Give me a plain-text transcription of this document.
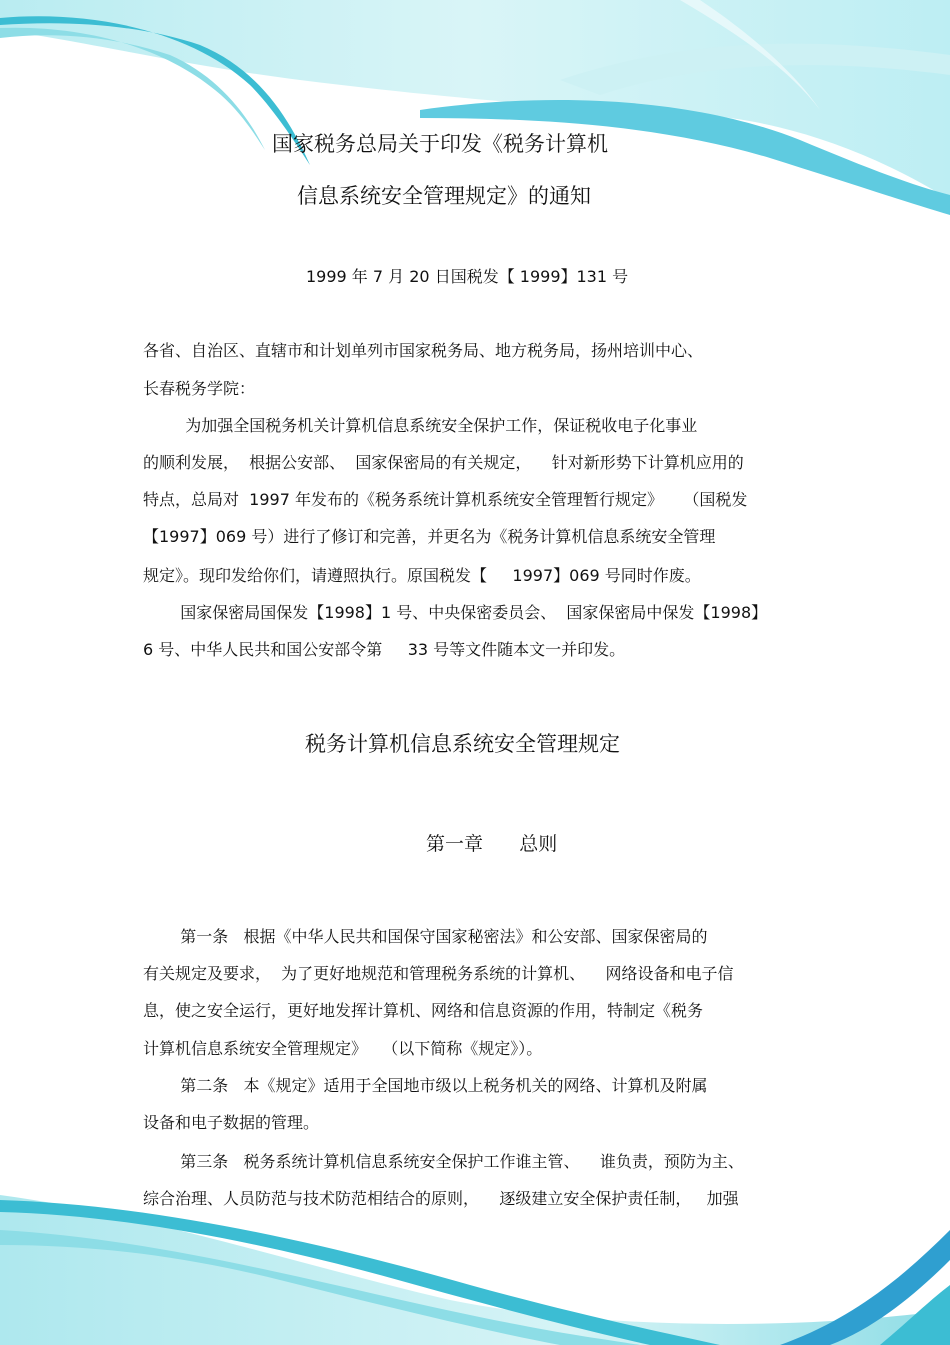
国家税务总局关于印发《税务计算机
信息系统安全管理规定》的通知
1999 年 7 月 20 日国税发【 1999】131 号
各省、自治区、直辖市和计划单列市国家税务局、地方税务局，扬州培训中心、
长春税务学院：
为加强全国税务机关计算机信息系统安全保护工作，保证税收电子化事业
的顺利发展，  根据公安部、  国家保密局的有关规定，    针对新形势下计算机应用的
特点，总局对  1997 年发布的《税务系统计算机系统安全管理暂行规定》    （国税发
【1997】069 号）进行了修订和完善，并更名为《税务计算机信息系统安全管理
规定》。现印发给你们，请遵照执行。原国税发【     1997】069 号同时作废。
国家保密局国保发【1998】1 号、中央保密委员会、  国家保密局中保发【1998】
6 号、中华人民共和国公安部令第     33 号等文件随本文一并印发。
税务计算机信息系统安全管理规定
第一章      总则
第一条   根据《中华人民共和国保守国家秘密法》和公安部、国家保密局的
有关规定及要求，  为了更好地规范和管理税务系统的计算机、    网络设备和电子信
息，使之安全运行，更好地发挥计算机、网络和信息资源的作用，特制定《税务
计算机信息系统安全管理规定》   （以下简称《规定》）。
第二条   本《规定》适用于全国地市级以上税务机关的网络、计算机及附属
设备和电子数据的管理。
第三条   税务系统计算机信息系统安全保护工作谁主管、    谁负责，预防为主、
综合治理、人员防范与技术防范相结合的原则，    逐级建立安全保护责任制，   加强
